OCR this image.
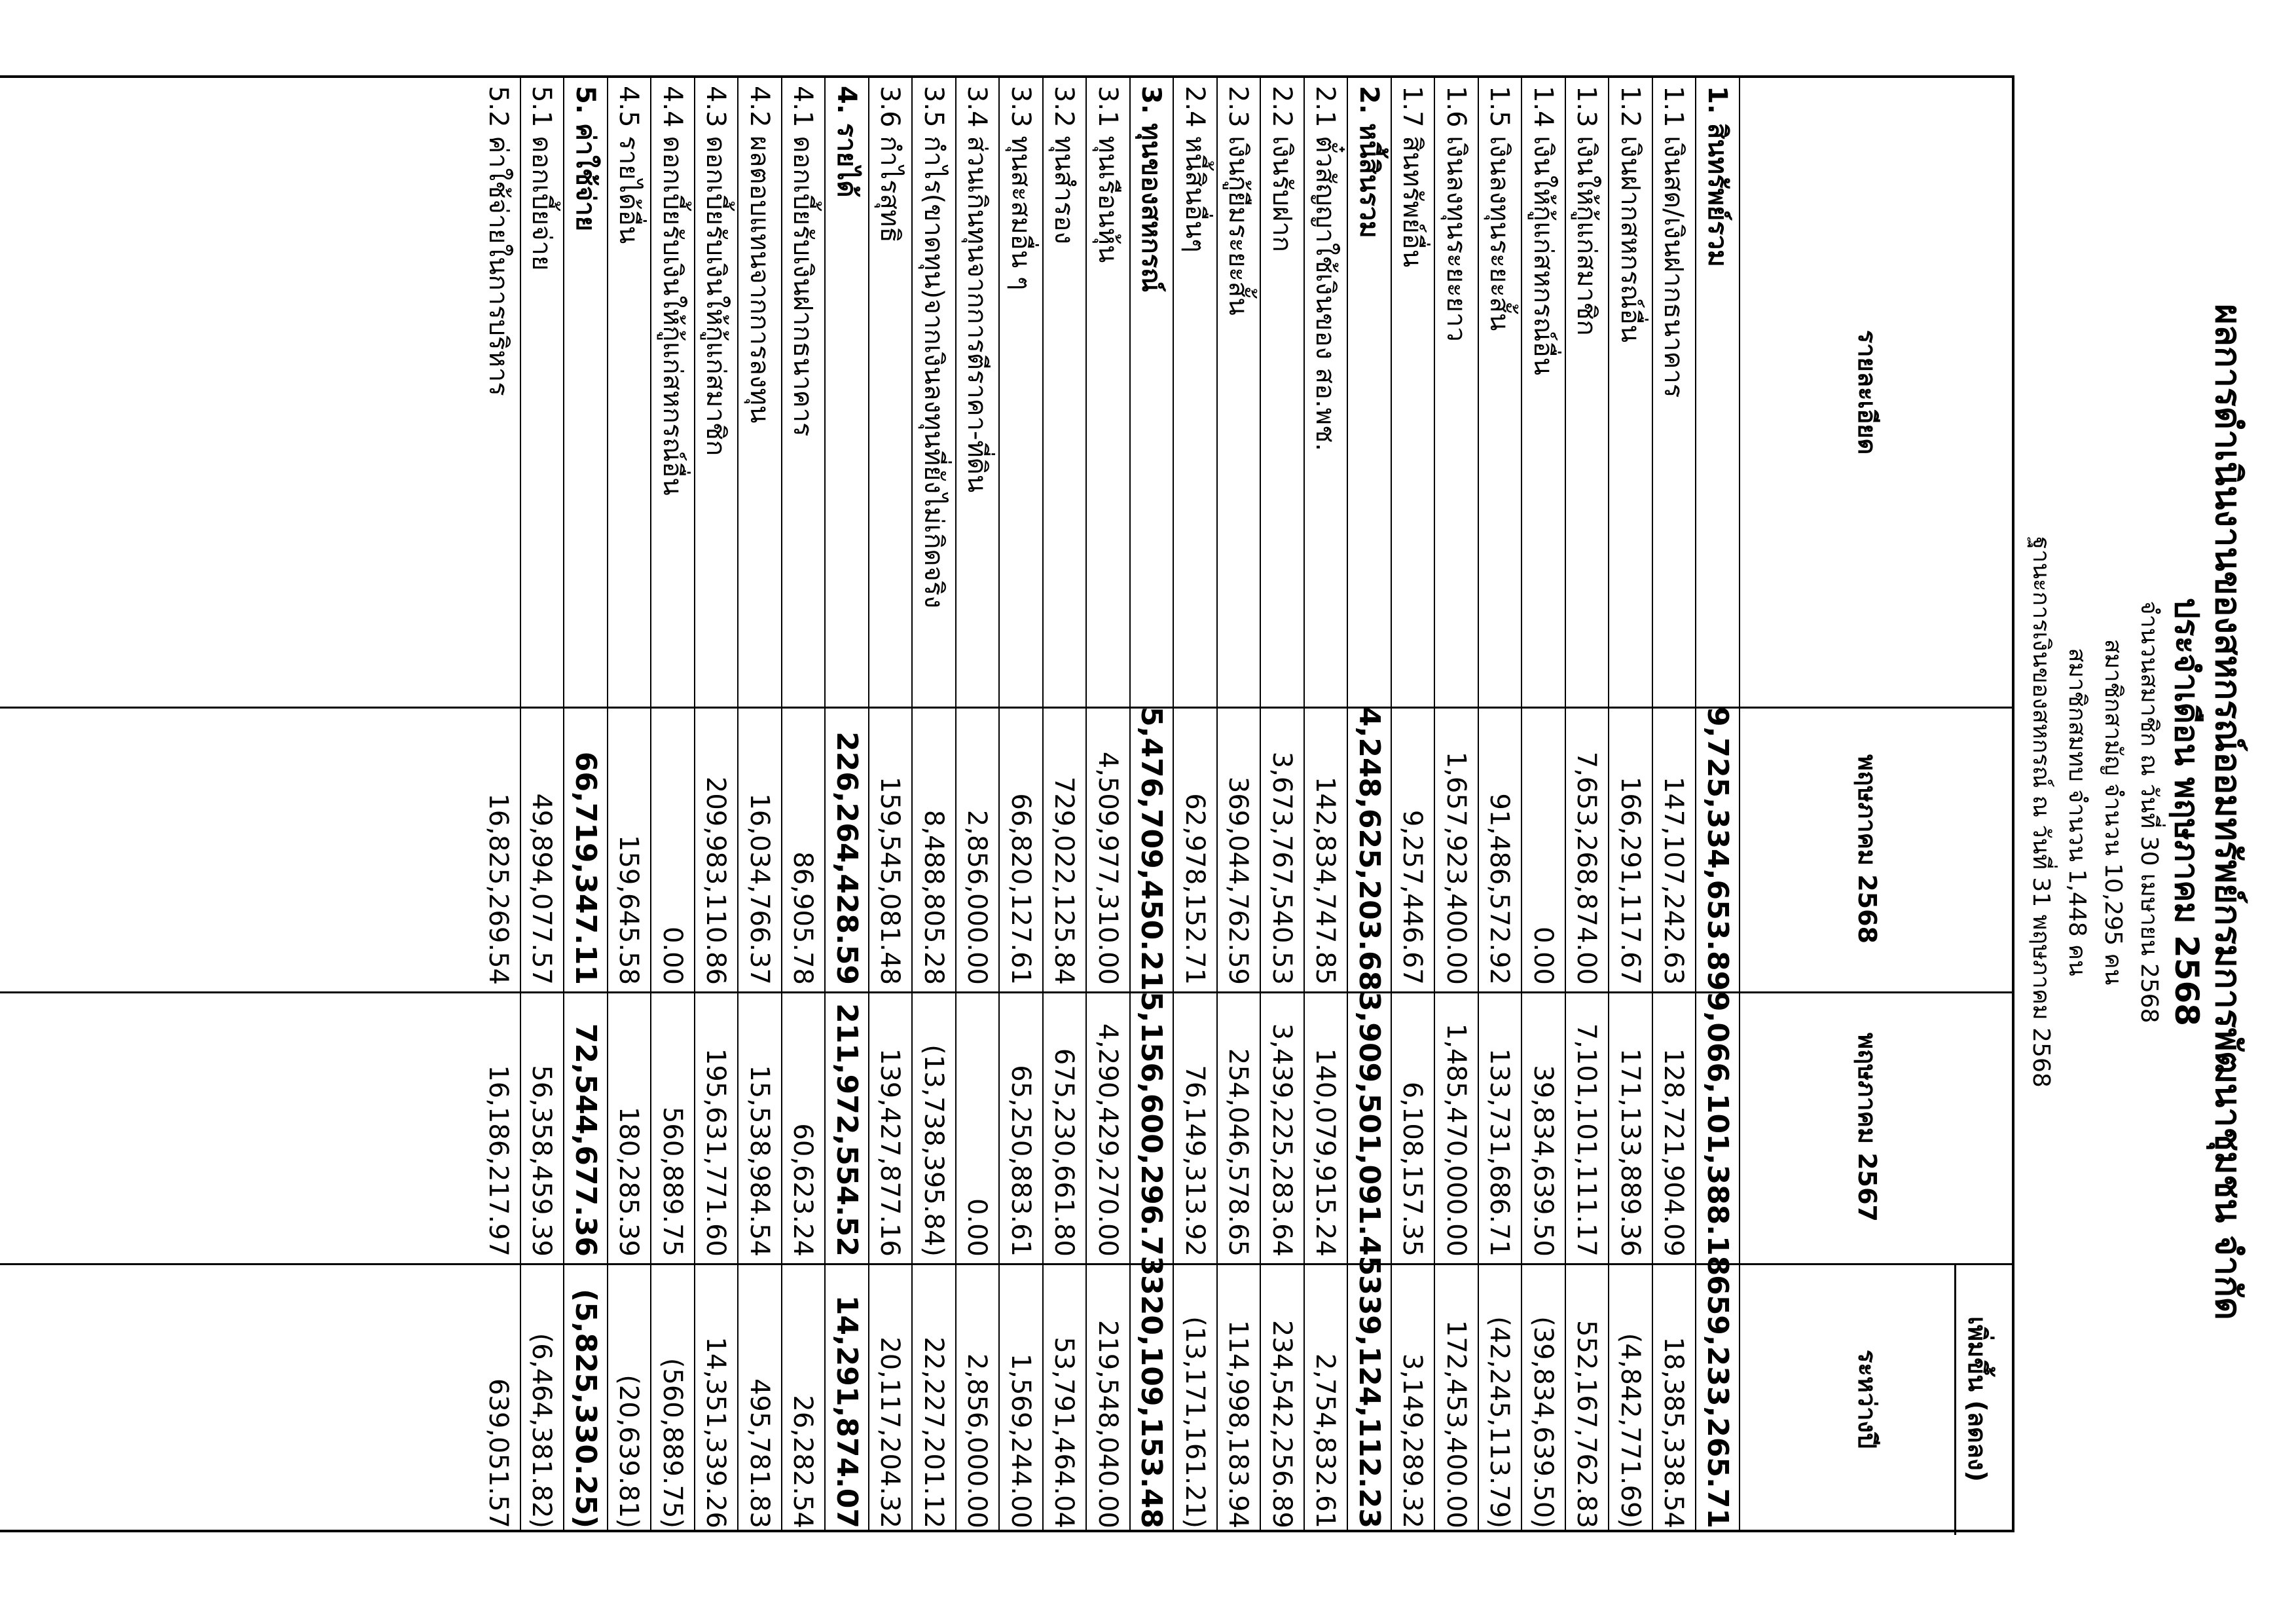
ผลการดำเนินงานของสหกรณ์ออมทรัพย์กรมการพัฒนาชุมชน จำกัด
ประจำเดือน พฤษภาคม 2568
จำนวนสมาชิก ณ วันที่ 30 เมษายน 2568
สมาชิกสามัญ จำนวน 10,295 คน
สมาชิกสมทบ จำนวน 1,448 คน
ฐานะการเงินของสหกรณ์ ณ วันที่ 31 พฤษภาคม 2568
รายละเอียด
พฤษภาคม 2568
พฤษภาคม 2567
เพิ่มขึ้น (ลดลง)
ระหว่างปี
1. สินทรัพย์รวม
9,725,334,653.89
9,066,101,388.18
659,233,265.71
1.1 เงินสด/เงินฝากธนาคาร
147,107,242.63
128,721,904.09
18,385,338.54
1.2 เงินฝากสหกรณ์อื่น
166,291,117.67
171,133,889.36
(4,842,771.69)
1.3 เงินให้กู้แก่สมาชิก
7,653,268,874.00
7,101,101,111.17
552,167,762.83
1.4 เงินให้กู้แก่สหกรณ์อื่น
0.00
39,834,639.50
(39,834,639.50)
1.5 เงินลงทุนระยะสั้น
91,486,572.92
133,731,686.71
(42,245,113.79)
1.6 เงินลงทุนระยะยาว
1,657,923,400.00
1,485,470,000.00
172,453,400.00
1.7 สินทรัพย์อื่น
9,257,446.67
6,108,157.35
3,149,289.32
2. หนี้สินรวม
4,248,625,203.68
3,909,501,091.45
339,124,112.23
2.1 ตั๋วสัญญาใช้เงินของ สอ.พช.
142,834,747.85
140,079,915.24
2,754,832.61
2.2 เงินรับฝาก
3,673,767,540.53
3,439,225,283.64
234,542,256.89
2.3 เงินกู้ยืมระยะสั้น
369,044,762.59
254,046,578.65
114,998,183.94
2.4 หนี้สินอื่นๆ
62,978,152.71
76,149,313.92
(13,171,161.21)
3. ทุนของสหกรณ์
5,476,709,450.21
5,156,600,296.73
320,109,153.48
3.1 ทุนเรือนหุ้น
4,509,977,310.00
4,290,429,270.00
219,548,040.00
3.2 ทุนสำรอง
729,022,125.84
675,230,661.80
53,791,464.04
3.3 ทุนสะสมอื่น ๆ
66,820,127.61
65,250,883.61
1,569,244.00
3.4 ส่วนเกินทุนจากการตีราคา-ที่ดิน
2,856,000.00
0.00
2,856,000.00
3.5 กำไร(ขาดทุน)จากเงินลงทุนที่ยังไม่เกิดจริง
8,488,805.28
(13,738,395.84)
22,227,201.12
3.6 กำไรสุทธิ
159,545,081.48
139,427,877.16
20,117,204.32
4. รายได้
226,264,428.59
211,972,554.52
14,291,874.07
4.1 ดอกเบี้ยรับเงินฝากธนาคาร
86,905.78
60,623.24
26,282.54
4.2 ผลตอบแทนจากการลงทุน
16,034,766.37
15,538,984.54
495,781.83
4.3 ดอกเบี้ยรับเงินให้กู้แก่สมาชิก
209,983,110.86
195,631,771.60
14,351,339.26
4.4 ดอกเบี้ยรับเงินให้กู้แก่สหกรณ์อื่น
0.00
560,889.75
(560,889.75)
4.5 รายได้อื่น
159,645.58
180,285.39
(20,639.81)
5. ค่าใช้จ่าย
66,719,347.11
72,544,677.36
(5,825,330.25)
5.1 ดอกเบี้ยจ่าย
49,894,077.57
56,358,459.39
(6,464,381.82)
5.2 ค่าใช้จ่ายในการบริหาร
16,825,269.54
16,186,217.97
639,051.57
